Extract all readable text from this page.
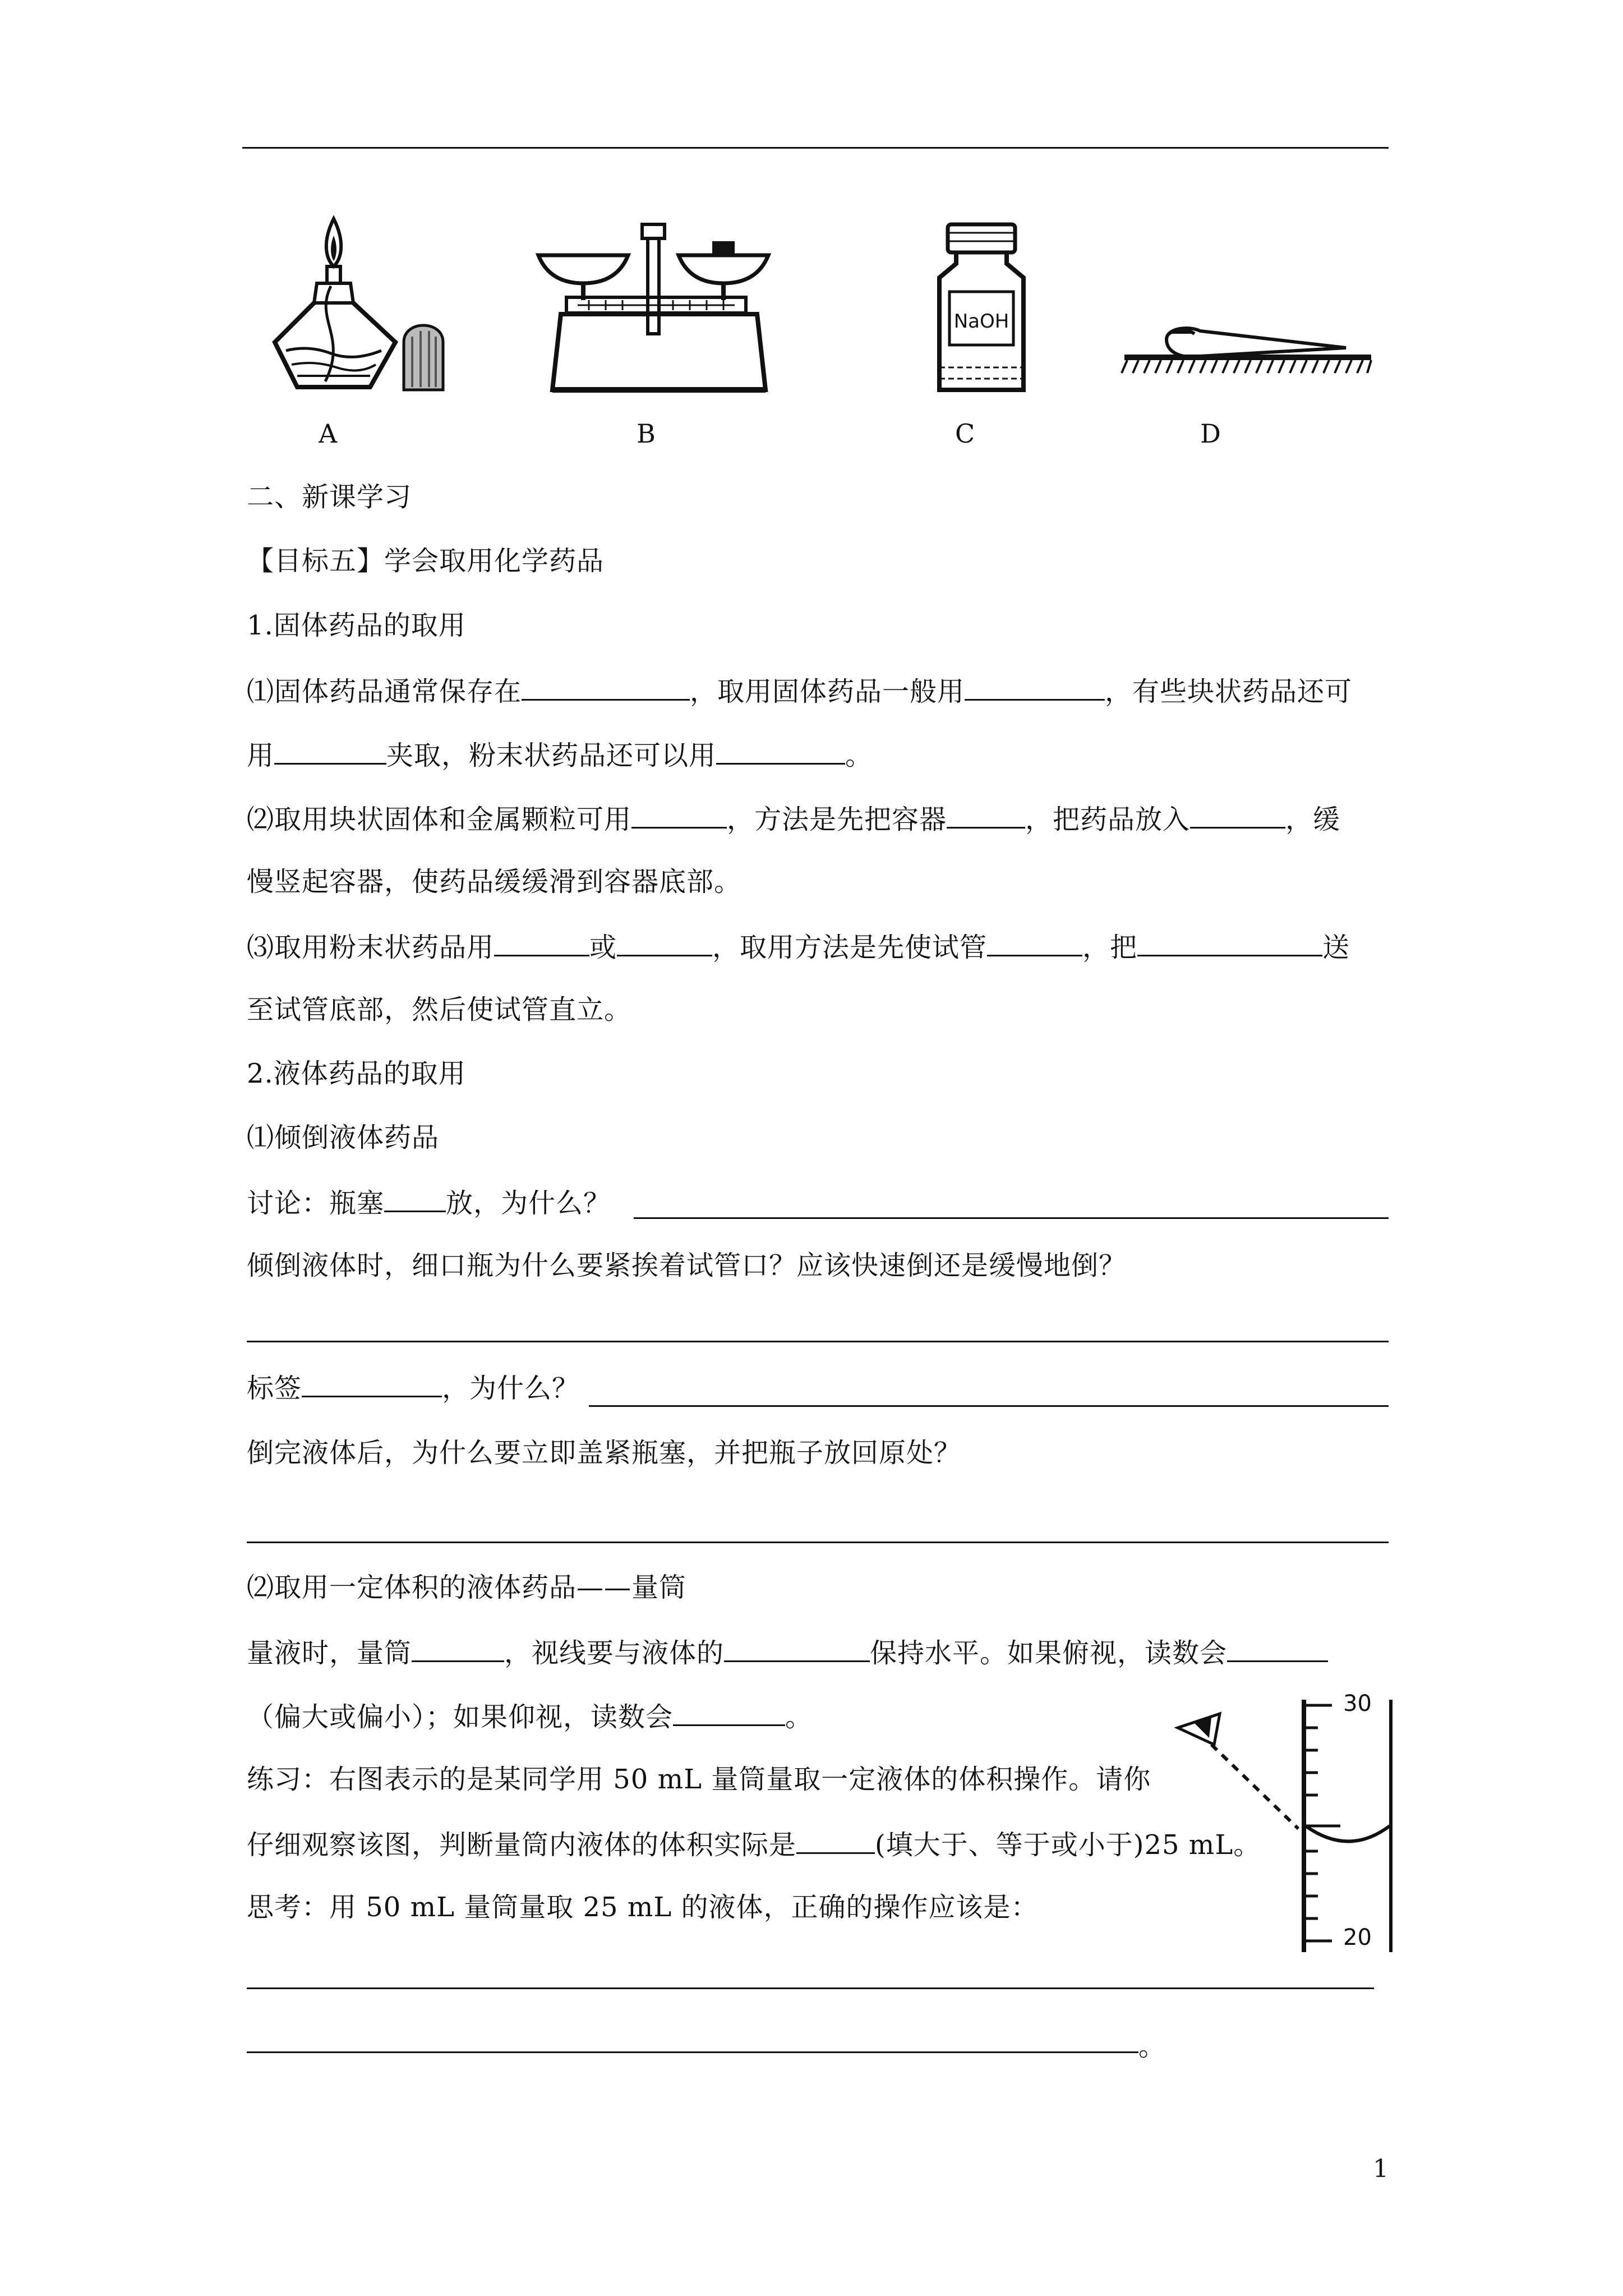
NaOH
A	B	C	D
二、新课学习
【目标五】学会取用化学药品
1.固体药品的取用
⑴固体药品通常保存在	，取用固体药品一般用	，有些块状药品还可
用	夹取，粉末状药品还可以用	。
⑵取用块状固体和金属颗粒可用	，方法是先把容器	，把药品放入	，缓
慢竖起容器，使药品缓缓滑到容器底部。
⑶取用粉末状药品用	或	，取用方法是先使试管	，把	送
至试管底部，然后使试管直立。
2.液体药品的取用
⑴倾倒液体药品
讨论：瓶塞 放，为什么？
倾倒液体时，细口瓶为什么要紧挨着试管口？应该快速倒还是缓慢地倒？
标签	，为什么？
倒完液体后，为什么要立即盖紧瓶塞，并把瓶子放回原处？
⑵取用一定体积的液体药品——量筒
量液时，量筒	，视线要与液体的	保持水平。如果俯视，读数会
（偏大或偏小）；如果仰视，读数会	。
练习：右图表示的是某同学用 50 mL 量筒量取一定液体的体积操作。请你
仔细观察该图，判断量筒内液体的体积实际是	(填大于、等于或小于)25 mL。
思考：用 50 mL 量筒量取 25 mL 的液体，正确的操作应该是：
。
30
20
1
